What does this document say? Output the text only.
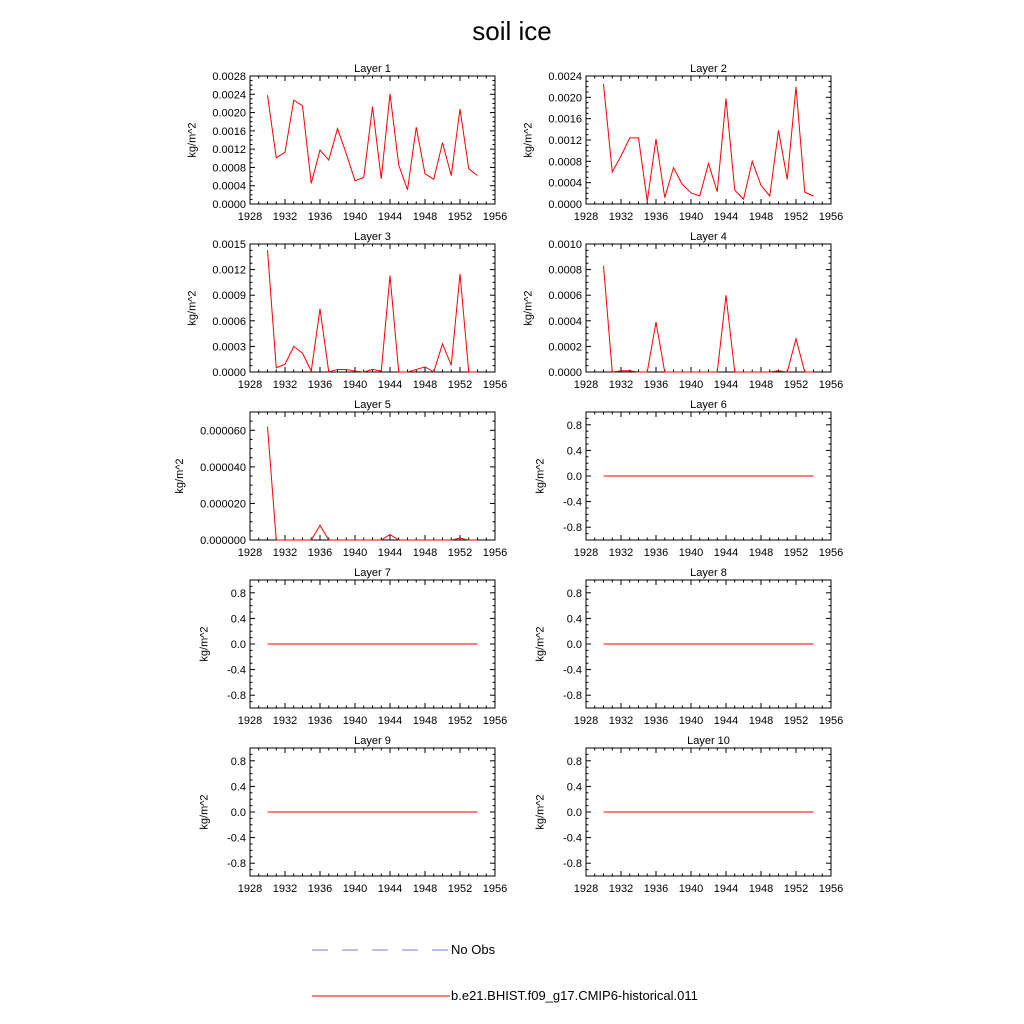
soil ice
Layer 1
1928 1932 1936 1940 1944 1948 1952 1956
0.0000
0.0004
0.0008
0.0012
0.0016
0.0020
0.0024
0.0028
kg/m^2
Layer 2
1928 1932 1936 1940 1944 1948 1952 1956
0.0000
0.0004
0.0008
0.0012
0.0016
0.0020
0.0024
kg/m^2
Layer 3
1928 1932 1936 1940 1944 1948 1952 1956
0.0000
0.0003
0.0006
0.0009
0.0012
0.0015
kg/m^2
Layer 4
1928 1932 1936 1940 1944 1948 1952 1956
0.0000
0.0002
0.0004
0.0006
0.0008
0.0010
kg/m^2
Layer 5
1928 1932 1936 1940 1944 1948 1952 1956
0.000000
0.000020
0.000040
0.000060
kg/m^2
Layer 6
1928 1932 1936 1940 1944 1948 1952 1956
-0.8
-0.4
0.0
0.4
0.8
kg/m^2
Layer 7
1928 1932 1936 1940 1944 1948 1952 1956
-0.8
-0.4
0.0
0.4
0.8
kg/m^2
Layer 8
1928 1932 1936 1940 1944 1948 1952 1956
-0.8
-0.4
0.0
0.4
0.8
kg/m^2
Layer 9
1928 1932 1936 1940 1944 1948 1952 1956
-0.8
-0.4
0.0
0.4
0.8
kg/m^2
Layer 10
1928 1932 1936 1940 1944 1948 1952 1956
-0.8
-0.4
0.0
0.4
0.8
kg/m^2
No Obs
b.e21.BHIST.f09_g17.CMIP6-historical.011
